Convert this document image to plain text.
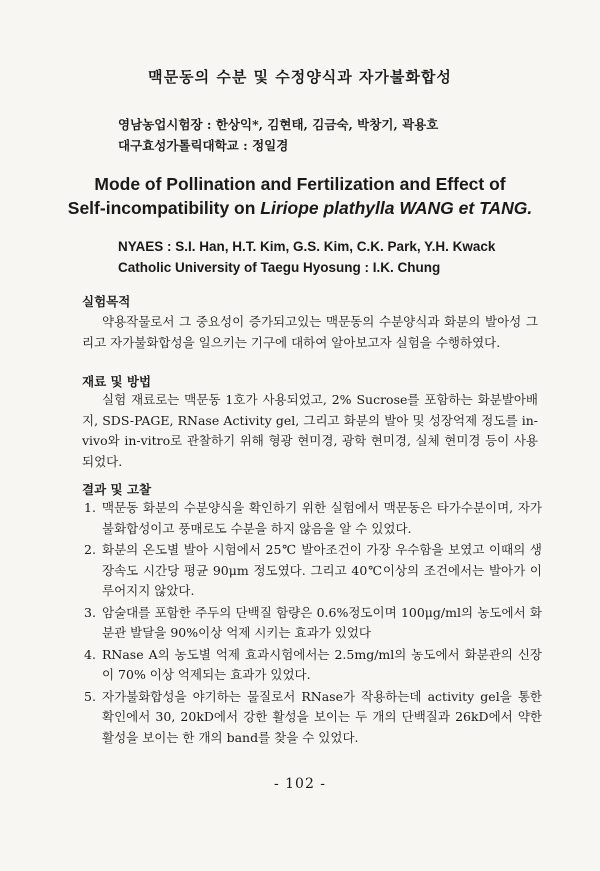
맥문동의 수분 및 수정양식과 자가불화합성
영남농업시험장 : 한상익*, 김현태, 김금숙, 박창기, 곽용호
대구효성가톨릭대학교 : 정일경
Mode of Pollination and Fertilization and Effect of
Self-incompatibility on Liriope plathylla WANG et TANG.
NYAES : S.I. Han, H.T. Kim, G.S. Kim, C.K. Park, Y.H. Kwack
Catholic University of Taegu Hyosung : I.K. Chung
실험목적
약용작물로서 그 중요성이 증가되고있는 맥문동의 수분양식과 화분의 발아성 그리고 자가불화합성을 일으키는 기구에 대하여 알아보고자 실험을 수행하였다.
재료 및 방법
실험 재료로는 맥문동 1호가 사용되었고, 2% Sucrose를 포함하는 화분발아배지, SDS-PAGE, RNase Activity gel, 그리고 화분의 발아 및 성장억제 정도를 in-vivo와 in-vitro로 관찰하기 위해 형광 현미경, 광학 현미경, 실체 현미경 등이 사용되었다.
결과 및 고찰
1. 맥문동 화분의 수분양식을 확인하기 위한 실험에서 맥문동은 타가수분이며, 자가 불화합성이고 풍매로도 수분을 하지 않음을 알 수 있었다.
2. 화분의 온도별 발아 시험에서 25℃ 발아조건이 가장 우수함을 보였고 이때의 생장속도 시간당 평균 90μm 정도였다. 그리고 40℃이상의 조건에서는 발아가 이루어지지 않았다.
3. 암술대를 포함한 주두의 단백질 함량은 0.6%정도이며 100μg/ml의 농도에서 화분관 발달을 90%이상 억제 시키는 효과가 있었다
4. RNase A의 농도별 억제 효과시험에서는 2.5mg/ml의 농도에서 화분관의 신장이 70% 이상 억제되는 효과가 있었다.
5. 자가불화합성을 야기하는 물질로서 RNase가 작용하는데 activity gel을 통한 확인에서 30, 20kD에서 강한 활성을 보이는 두 개의 단백질과 26kD에서 약한 활성을 보이는 한 개의 band를 찾을 수 있었다.
- 102 -
